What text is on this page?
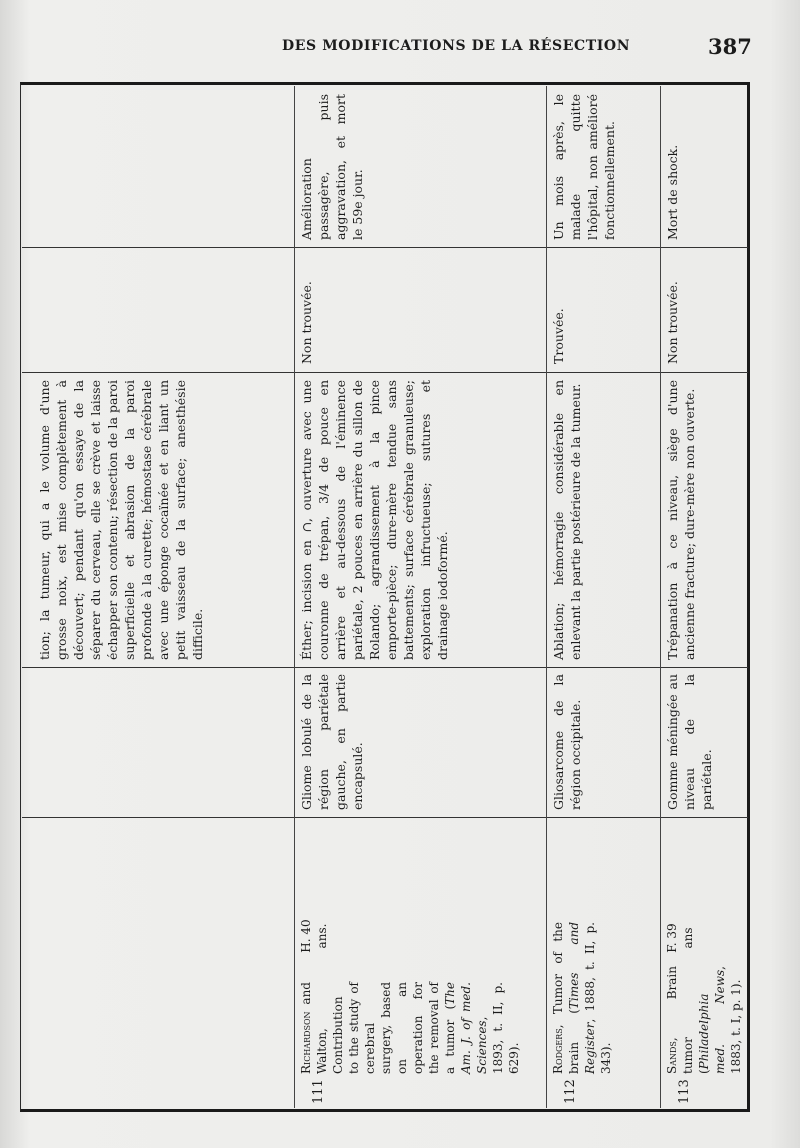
DES MODIFICATIONS DE LA RÉSECTION	387
tion; la tumeur, qui a le volume d'une grosse noix, est mise complètement à découvert; pendant qu'on essaye de la séparer du cerveau, elle se crève et laisse échapper son contenu; résection de la paroi superficielle et abrasion de la paroi profonde à la curette; hémostase cérébrale avec une éponge cocaïnée et en liant un petit vaisseau de la surface; anesthésie difficile.
111
Richardson and Walton, Contribution to the study of cerebral surgery, based on an operation for the removal of a tumor (The Am. J. of med. Sciences, 1893, t. II, p. 629).
H. 40 ans.
Gliome lobulé de la région pariétale gauche, en partie encapsulé.
Éther; incision en ∩, ouverture avec une couronne de trépan, 3/4 de pouce en arrière et au-dessous de l'éminence pariétale, 2 pouces en arrière du sillon de Rolando; agrandissement à la pince emporte-pièce; dure-mère tendue sans battements; surface cérébrale granuleuse; exploration infructueuse; sutures et drainage iodoformé.
Non trouvée.
Amélioration passagère, puis aggravation, et mort le 59e jour.
112
Rodgers, Tumor of the brain (Times and Register, 1888, t. II, p. 343).
Gliosarcome de la région occipitale.
Ablation; hémorragie considérable en enlevant la partie postérieure de la tumeur.
Trouvée.
Un mois après, le malade quitte l'hôpital, non amélioré fonctionnellement.
113
Sands, Brain tumor (Philadelphia med. News, 1883, t. I, p. 1).
F. 39 ans
Gomme méningée au niveau de la pariétale.
Trépanation à ce niveau, siège d'une ancienne fracture; dure-mère non ouverte.
Non trouvée.
Mort de shock.
